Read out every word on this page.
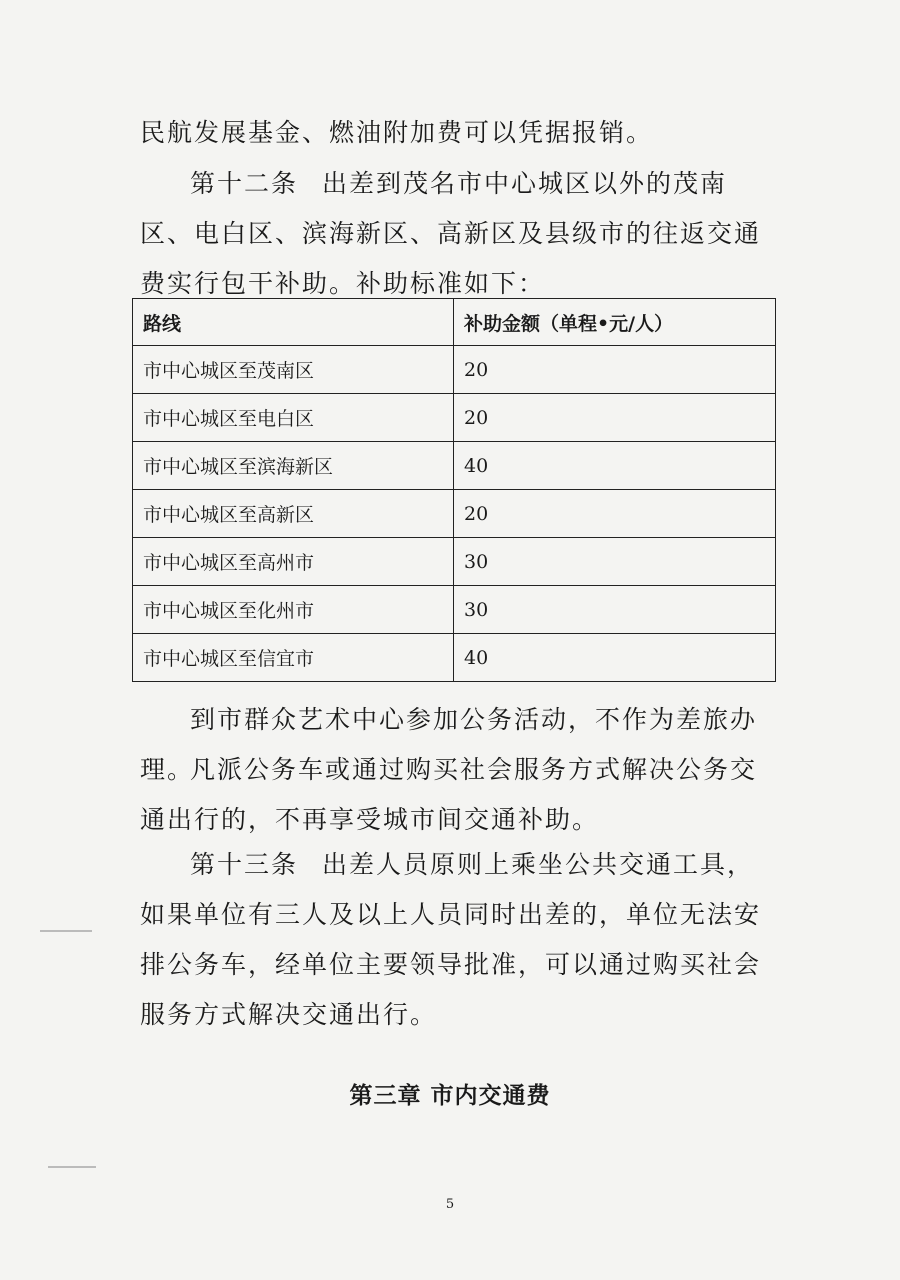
民航发展基金、燃油附加费可以凭据报销。

第十二条 出差到茂名市中心城区以外的茂南区、电白区、滨海新区、高新区及县级市的往返交通费实行包干补助。补助标准如下：

路线	补助金额（单程•元/人）
市中心城区至茂南区	20
市中心城区至电白区	20
市中心城区至滨海新区	40
市中心城区至高新区	20
市中心城区至高州市	30
市中心城区至化州市	30
市中心城区至信宜市	40

到市群众艺术中心参加公务活动，不作为差旅办理。

凡派公务车或通过购买社会服务方式解决公务交通出行的，不再享受城市间交通补助。

第十三条 出差人员原则上乘坐公共交通工具，如果单位有三人及以上人员同时出差的，单位无法安排公务车，经单位主要领导批准，可以通过购买社会服务方式解决交通出行。

第三章 市内交通费
5
